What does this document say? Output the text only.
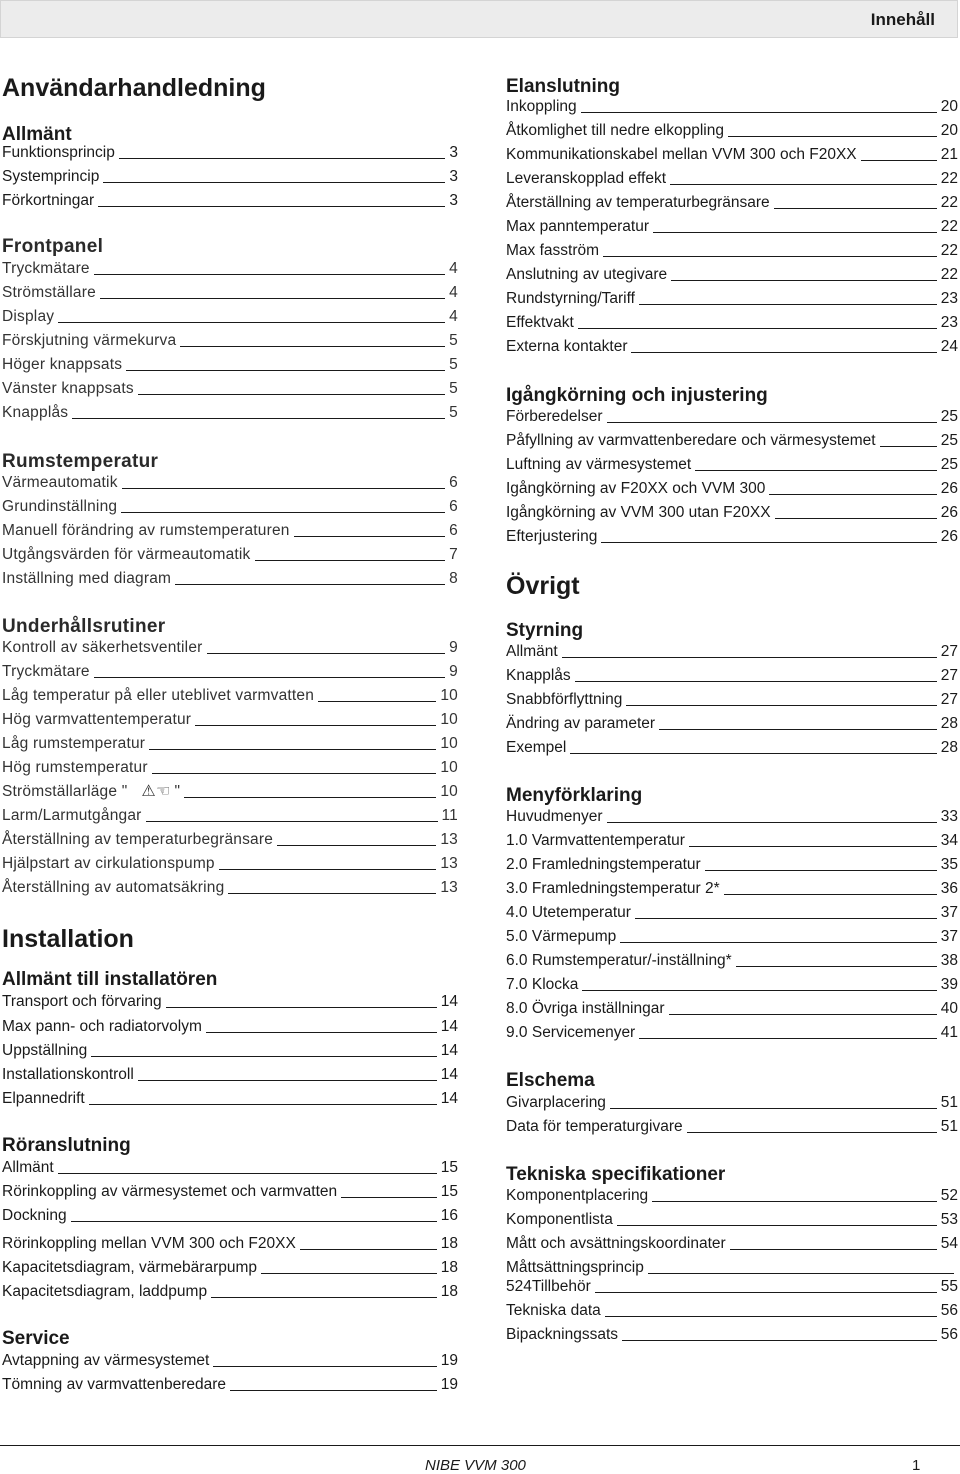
Innehåll
Användarhandledning
Allmänt
Funktionsprincip	3
Systemprincip	3
Förkortningar	3
Frontpanel
Tryckmätare	4
Strömställare	4
Display	4
Förskjutning värmekurva	5
Höger knappsats	5
Vänster knappsats	5
Knapplås	5
Rumstemperatur
Värmeautomatik	6
Grundinställning	6
Manuell förändring av rumstemperaturen	6
Utgångsvärden för värmeautomatik	7
Inställning med diagram	8
Underhållsrutiner
Kontroll av säkerhetsventiler	9
Tryckmätare	9
Låg temperatur på eller uteblivet varmvatten	10
Hög varmvattentemperatur	10
Låg rumstemperatur	10
Hög rumstemperatur	10
Strömställarläge " ⚠☜ "	10
Larm/Larmutgångar	11
Återställning av temperaturbegränsare	13
Hjälpstart av cirkulationspump	13
Återställning av automatsäkring	13
Installation
Allmänt till installatören
Transport och förvaring	14
Max pann- och radiatorvolym	14
Uppställning	14
Installationskontroll	14
Elpannedrift	14
Röranslutning
Allmänt	15
Rörinkoppling av värmesystemet och varmvatten	15
Dockning	16
Rörinkoppling mellan VVM 300 och F20XX	18
Kapacitetsdiagram, värmebärarpump	18
Kapacitetsdiagram, laddpump	18
Service
Avtappning av värmesystemet	19
Tömning av varmvattenberedare	19
Elanslutning
Inkoppling	20
Åtkomlighet till nedre elkoppling	20
Kommunikationskabel mellan VVM 300 och F20XX	21
Leveranskopplad effekt	22
Återställning av temperaturbegränsare	22
Max panntemperatur	22
Max fasström	22
Anslutning av utegivare	22
Rundstyrning/Tariff	23
Effektvakt	23
Externa kontakter	24
Igångkörning och injustering
Förberedelser	25
Påfyllning av varmvattenberedare och värmesystemet	25
Luftning av värmesystemet	25
Igångkörning av F20XX och VVM 300	26
Igångkörning av VVM 300 utan F20XX	26
Efterjustering	26
Övrigt
Styrning
Allmänt	27
Knapplås	27
Snabbförflyttning	27
Ändring av parameter	28
Exempel	28
Menyförklaring
Huvudmenyer	33
1.0 Varmvattentemperatur	34
2.0 Framledningstemperatur	35
3.0 Framledningstemperatur 2*	36
4.0 Utetemperatur	37
5.0 Värmepump	37
6.0 Rumstemperatur/-inställning*	38
7.0 Klocka	39
8.0 Övriga inställningar	40
9.0 Servicemenyer	41
Elschema
Givarplacering	51
Data för temperaturgivare	51
Tekniska specifikationer
Komponentplacering	52
Komponentlista	53
Mått och avsättningskoordinater	54
Måttsättningsprincip
524Tillbehör	55
Tekniska data	56
Bipackningssats	56
NIBE VVM 300	1
